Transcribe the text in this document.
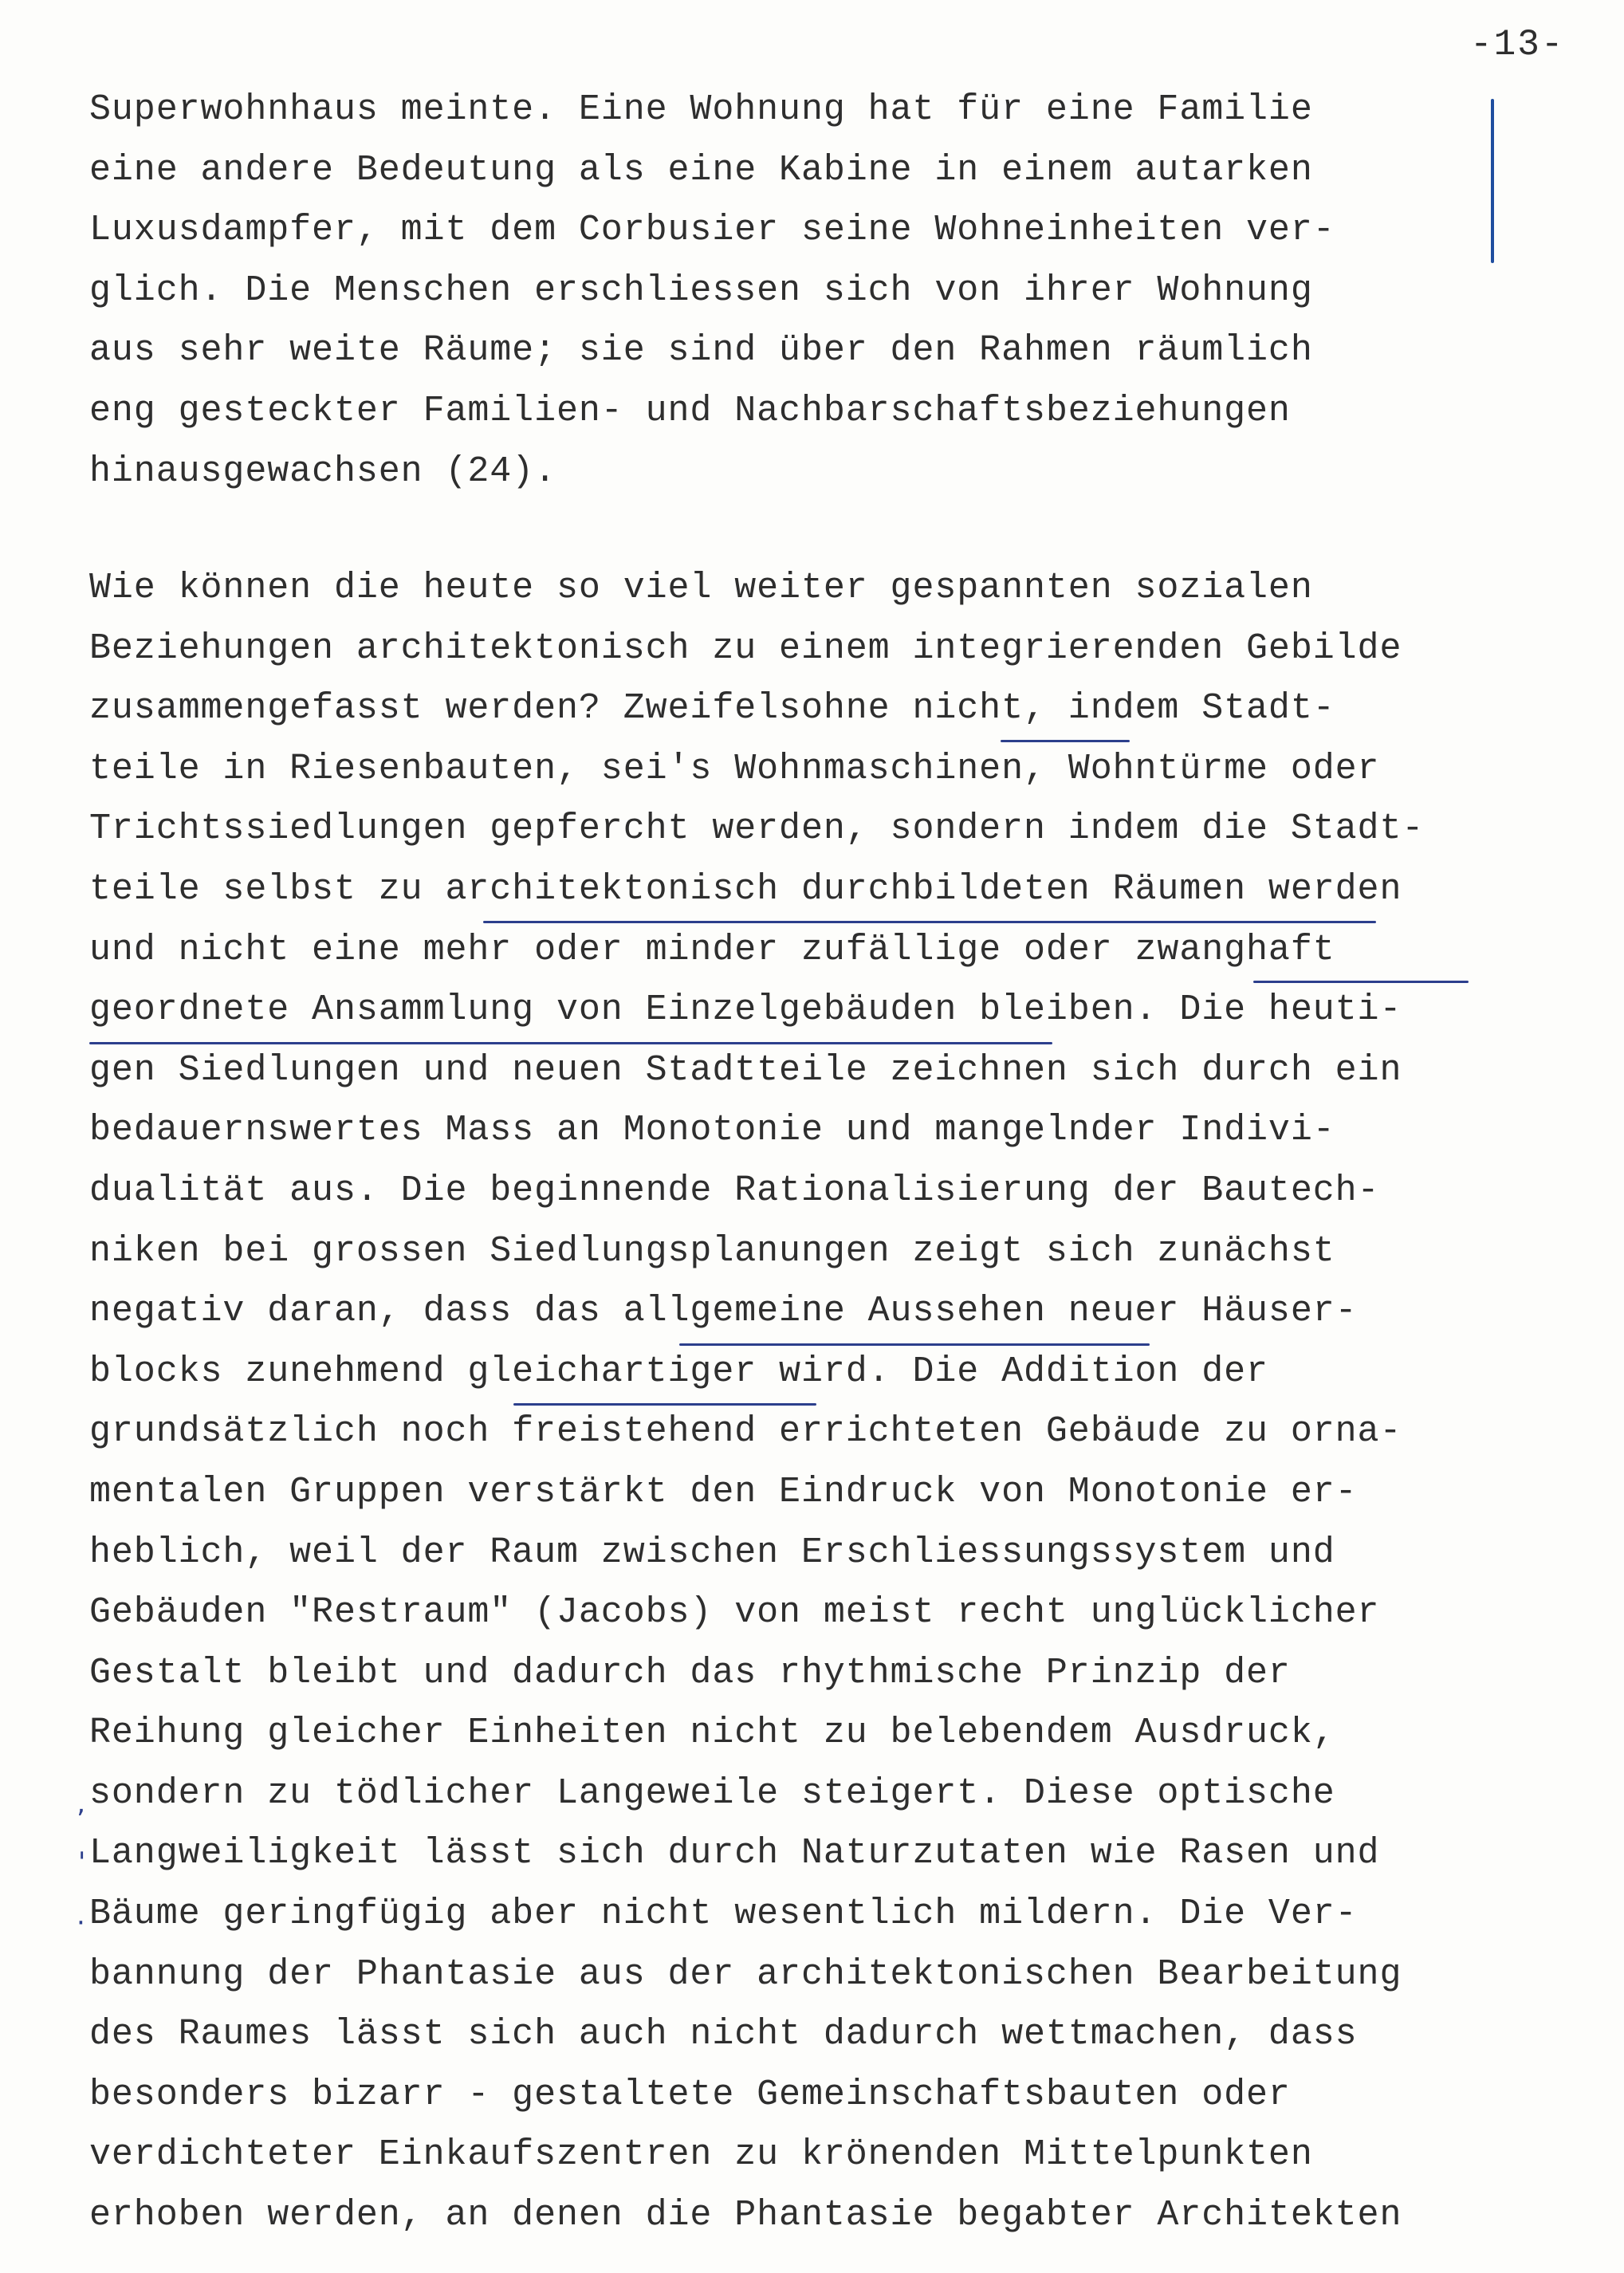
-13-
Superwohnhaus meinte. Eine Wohnung hat für eine Familie
eine andere Bedeutung als eine Kabine in einem autarken
Luxusdampfer, mit dem Corbusier seine Wohneinheiten ver-
glich. Die Menschen erschliessen sich von ihrer Wohnung
aus sehr weite Räume; sie sind über den Rahmen räumlich
eng gesteckter Familien- und Nachbarschaftsbeziehungen
hinausgewachsen (24).
Wie können die heute so viel weiter gespannten sozialen
Beziehungen architektonisch zu einem integrierenden Gebilde
zusammengefasst werden? Zweifelsohne nicht, indem Stadt-
teile in Riesenbauten, sei's Wohnmaschinen, Wohntürme oder
Trichtssiedlungen gepfercht werden, sondern indem die Stadt-
teile selbst zu architektonisch durchbildeten Räumen werden
und nicht eine mehr oder minder zufällige oder zwanghaft
geordnete Ansammlung von Einzelgebäuden bleiben. Die heuti-
gen Siedlungen und neuen Stadtteile zeichnen sich durch ein
bedauernswertes Mass an Monotonie und mangelnder Indivi-
dualität aus. Die beginnende Rationalisierung der Bautech-
niken bei grossen Siedlungsplanungen zeigt sich zunächst
negativ daran, dass das allgemeine Aussehen neuer Häuser-
blocks zunehmend gleichartiger wird. Die Addition der
grundsätzlich noch freistehend errichteten Gebäude zu orna-
mentalen Gruppen verstärkt den Eindruck von Monotonie er-
heblich, weil der Raum zwischen Erschliessungssystem und
Gebäuden "Restraum" (Jacobs) von meist recht unglücklicher
Gestalt bleibt und dadurch das rhythmische Prinzip der
Reihung gleicher Einheiten nicht zu belebendem Ausdruck,
sondern zu tödlicher Langeweile steigert. Diese optische
Langweiligkeit lässt sich durch Naturzutaten wie Rasen und
Bäume geringfügig aber nicht wesentlich mildern. Die Ver-
bannung der Phantasie aus der architektonischen Bearbeitung
des Raumes lässt sich auch nicht dadurch wettmachen, dass
besonders bizarr - gestaltete Gemeinschaftsbauten oder
verdichteter Einkaufszentren zu krönenden Mittelpunkten
erhoben werden, an denen die Phantasie begabter Architekten
‚
'
·
